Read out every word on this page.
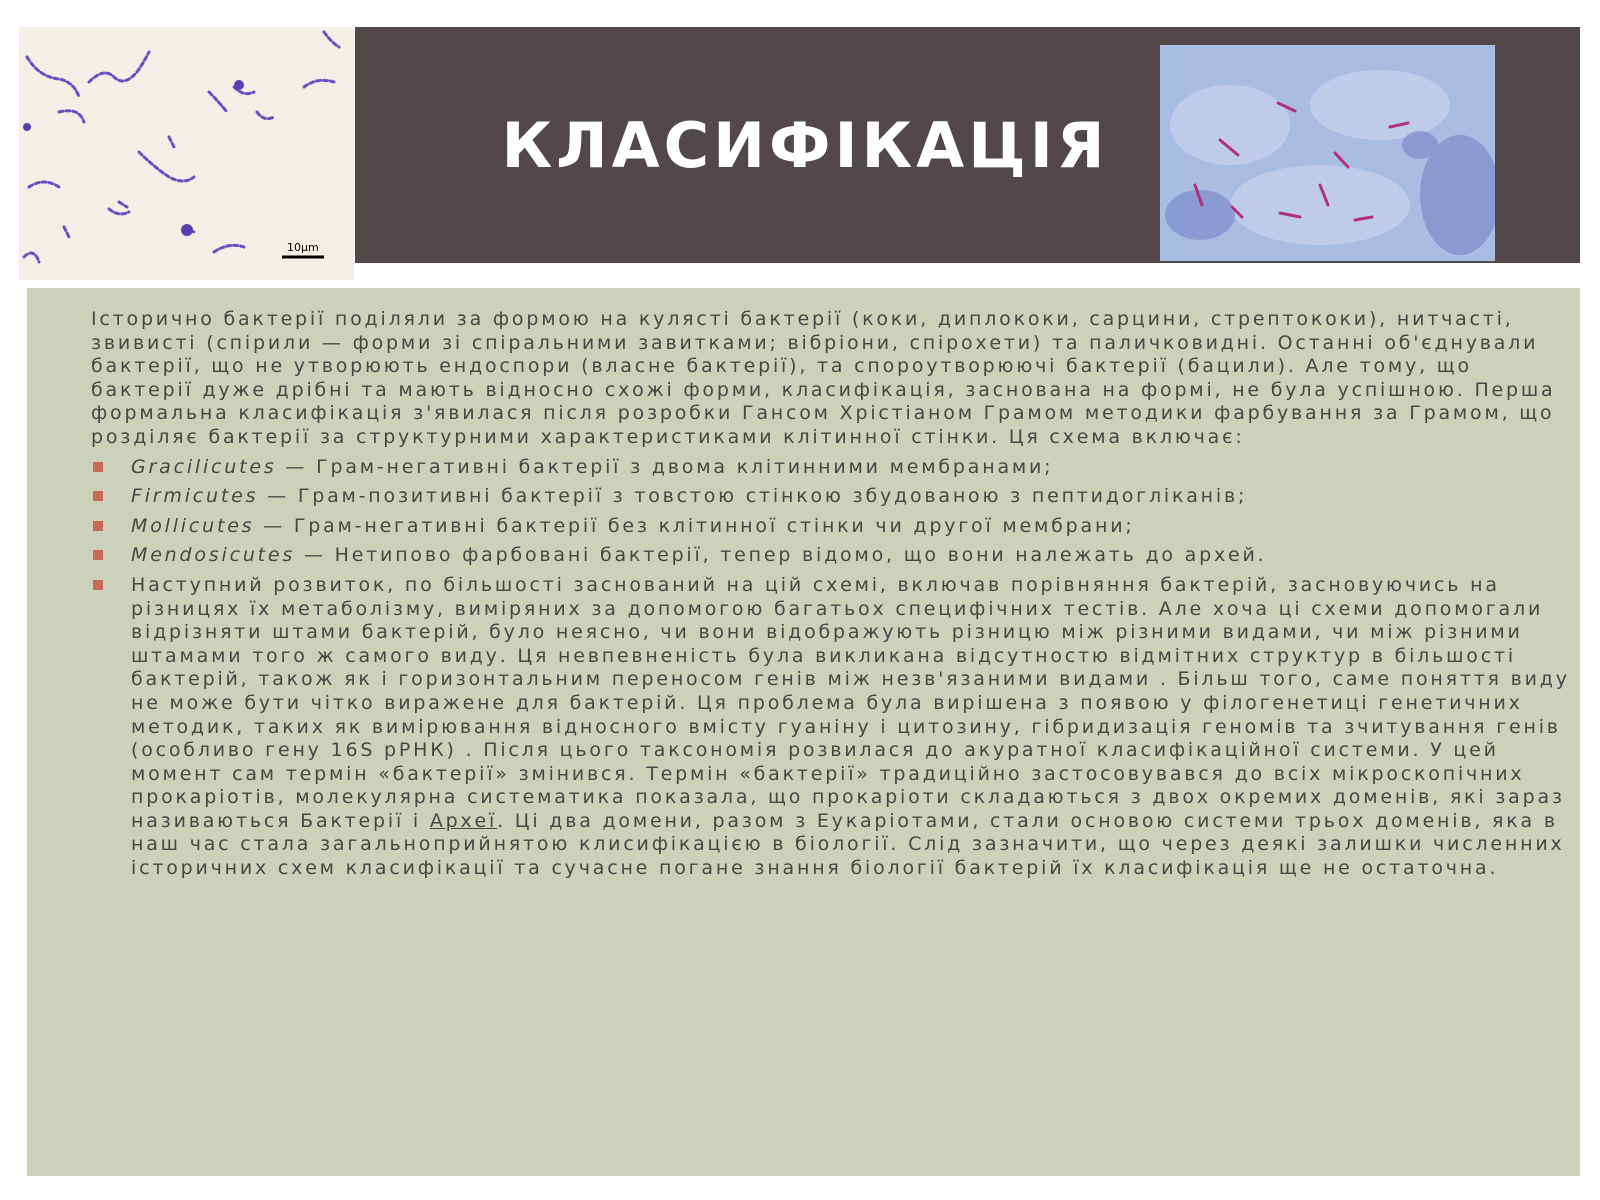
КЛАСИФІКАЦІЯ
10μm

Історично бактерії поділяли за формою на кулясті бактерії (коки, диплококи, сарцини, стрептококи), нитчасті, звивисті (спірили — форми зі спіральними завитками; вібріони, спірохети) та паличковидні. Останні об'єднували бактерії, що не утворюють ендоспори (власне бактерії), та спороутворюючі бактерії (бацили). Але тому, що бактерії дуже дрібні та мають відносно схожі форми, класифікація, заснована на формі, не була успішною. Перша формальна класифікація з'явилася після розробки Гансом Хрістіаном Грамом методики фарбування за Грамом, що розділяє бактерії за структурними характеристиками клітинної стінки. Ця схема включає:

Gracilicutes — Грам-негативні бактерії з двома клітинними мембранами;
Firmicutes — Грам-позитивні бактерії з товстою стінкою збудованою з пептидогліканів;
Mollicutes — Грам-негативні бактерії без клітинної стінки чи другої мембрани;
Mendosicutes — Нетипово фарбовані бактерії, тепер відомо, що вони належать до архей.
Наступний розвиток, по більшості заснований на цій схемі, включав порівняння бактерій, засновуючись на різницях їх метаболізму, виміряних за допомогою багатьох специфічних тестів. Але хоча ці схеми допомогали відрізняти штами бактерій, було неясно, чи вони відображують різницю між різними видами, чи між різними штамами того ж самого виду. Ця невпевненість була викликана відсутностю відмітних структур в більшості бактерій, також як і горизонтальним переносом генів між незв'язаними видами . Більш того, саме поняття виду не може бути чітко виражене для бактерій. Ця проблема була вирішена з появою у філогенетиці генетичних методик, таких як вимірювання відносного вмісту гуаніну і цитозину, гібридизація геномів та зчитування генів (особливо гену 16S рРНК) . Після цього таксономія розвилася до акуратної класифікаційної системи. У цей момент сам термін «бактерії» змінився. Термін «бактерії» традиційно застосовувався до всіх мікроскопічних прокаріотів, молекулярна систематика показала, що прокаріоти складаються з двох окремих доменів, які зараз називаються Бактерії і Археї. Ці два домени, разом з Еукаріотами, стали основою системи трьох доменів, яка в наш час стала загальноприйнятою клисифікацією в біології. Слід зазначити, що через деякі залишки численних історичних схем класифікації та сучасне погане знання біології бактерій їх класифікація ще не остаточна.
